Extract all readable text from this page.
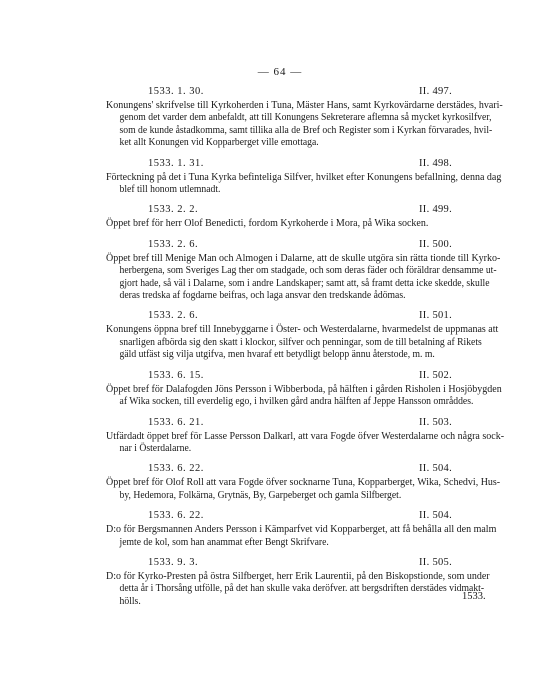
— 64 —
1533. 1. 30.	II. 497.
Konungens' skrifvelse till Kyrkoherden i Tuna, Mäster Hans, samt Kyrkovärdarne derstädes, hvari-
genom det varder dem anbefaldt, att till Konungens Sekreterare aflemna så mycket kyrkosilfver,
som de kunde åstadkomma, samt tillika alla de Bref och Register som i Kyrkan förvarades, hvil-
ket allt Konungen vid Kopparberget ville emottaga.
1533. 1. 31.	II. 498.
Förteckning på det i Tuna Kyrka befinteliga Silfver, hvilket efter Konungens befallning, denna dag
blef till honom utlemnadt.
1533. 2. 2.	II. 499.
Öppet bref för herr Olof Benedicti, fordom Kyrkoherde i Mora, på Wika socken.
1533. 2. 6.	II. 500.
Öppet bref till Menige Man och Almogen i Dalarne, att de skulle utgöra sin rätta tionde till Kyrko-
herbergena, som Sveriges Lag ther om stadgade, och som deras fäder och föräldrar densamme ut-
gjort hade, så väl i Dalarne, som i andre Landskaper; samt att, så framt detta icke skedde, skulle
deras tredska af fogdarne beifras, och laga ansvar den tredskande ådömas.
1533. 2. 6.	II. 501.
Konungens öppna bref till Innebyggarne i Öster- och Westerdalarne, hvarmedelst de uppmanas att
snarligen afbörda sig den skatt i klockor, silfver och penningar, som de till betalning af Rikets
gäld utfäst sig vilja utgifva, men hvaraf ett betydligt belopp ännu återstode, m. m.
1533. 6. 15.	II. 502.
Öppet bref för Dalafogden Jöns Persson i Wibberboda, på hälften i gården Risholen i Hosjöbygden
af Wika socken, till everdelig ego, i hvilken gård andra hälften af Jeppe Hansson områddes.
1533. 6. 21.	II. 503.
Utfärdadt öppet bref för Lasse Persson Dalkarl, att vara Fogde öfver Westerdalarne och några sock-
nar i Österdalarne.
1533. 6. 22.	II. 504.
Öppet bref för Olof Roll att vara Fogde öfver socknarne Tuna, Kopparberget, Wika, Schedvi, Hus-
by, Hedemora, Folkärna, Grytnäs, By, Garpeberget och gamla Silfberget.
1533. 6. 22.	II. 504.
D:o för Bergsmannen Anders Persson i Kämparfvet vid Kopparberget, att få behålla all den malm
jemte de kol, som han anammat efter Bengt Skrifvare.
1533. 9. 3.	II. 505.
D:o för Kyrko-Presten på östra Silfberget, herr Erik Laurentii, på den Biskopstionde, som under
detta år i Thorsång utfölle, på det han skulle vaka deröfver. att bergsdriften derstädes vidmakt-
hölls.	1533.
